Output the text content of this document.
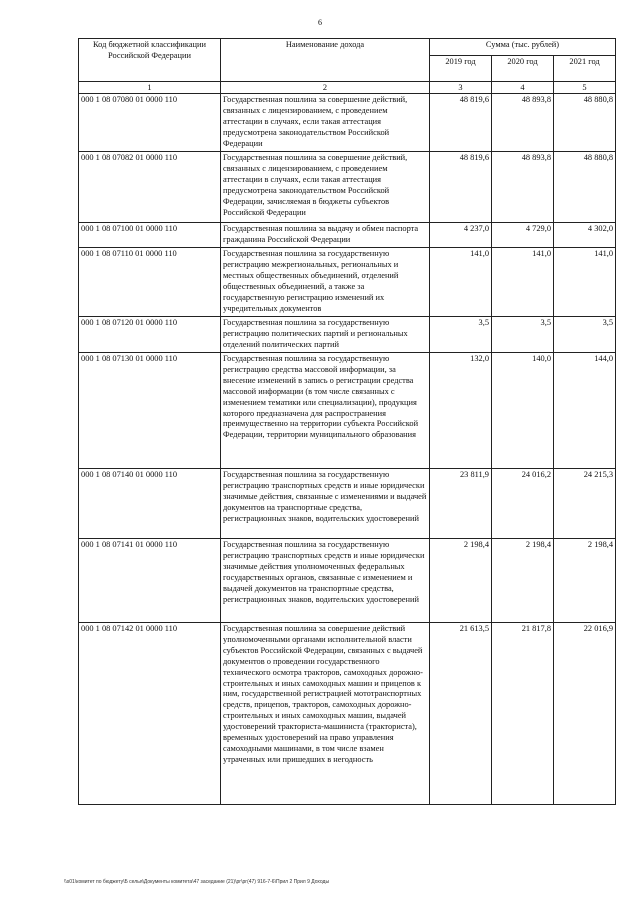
6
Код бюджетной классификации Российской Федерации	Наименование дохода	Сумма (тыс. рублей)		
		2019 год	2020 год	2021 год
1	2	3	4	5
000 1 08 07080 01 0000 110	Государственная пошлина за совершение действий, связанных с лицензированием, с проведением аттестации в случаях, если такая аттестация предусмотрена законодательством Российской Федерации	48 819,6	48 893,8	48 880,8
000 1 08 07082 01 0000 110	Государственная пошлина за совершение действий, связанных с лицензированием, с проведением аттестации в случаях, если такая аттестация предусмотрена законодательством Российской Федерации, зачисляемая в бюджеты субъектов Российской Федерации	48 819,6	48 893,8	48 880,8
000 1 08 07100 01 0000 110	Государственная пошлина за выдачу и обмен паспорта гражданина Российской Федерации	4 237,0	4 729,0	4 302,0
000 1 08 07110 01 0000 110	Государственная пошлина за государственную регистрацию межрегиональных, региональных и местных общественных объединений, отделений общественных объединений, а также за государственную регистрацию изменений их учредительных документов	141,0	141,0	141,0
000 1 08 07120 01 0000 110	Государственная пошлина за государственную регистрацию политических партий и региональных отделений политических партий	3,5	3,5	3,5
000 1 08 07130 01 0000 110	Государственная пошлина за государственную регистрацию средства массовой информации, за внесение изменений в запись о регистрации средства массовой информации (в том числе связанных с изменением тематики или специализации), продукция которого предназначена для распространения преимущественно на территории субъекта Российской Федерации, территории муниципального образования	132,0	140,0	144,0
000 1 08 07140 01 0000 110	Государственная пошлина за государственную регистрацию транспортных средств и иные юридически значимые действия, связанные с изменениями и выдачей документов на транспортные средства, регистрационных знаков, водительских удостоверений	23 811,9	24 016,2	24 215,3
000 1 08 07141 01 0000 110	Государственная пошлина за государственную регистрацию транспортных средств и иные юридически значимые действия уполномоченных федеральных государственных органов, связанные с изменением и выдачей документов на транспортные средства, регистрационных знаков, водительских удостоверений	2 198,4	2 198,4	2 198,4
000 1 08 07142 01 0000 110	Государственная пошлина за совершение действий уполномоченными органами исполнительной власти субъектов Российской Федерации, связанных с выдачей документов о проведении государственного технического осмотра тракторов, самоходных дорожно-строительных и иных самоходных машин и прицепов к ним, государственной регистрацией мототранспортных средств, прицепов, тракторов, самоходных дорожно-строительных и иных самоходных машин, выдачей удостоверений тракториста-машиниста (тракториста), временных удостоверений на право управления самоходными машинами, в том числе взамен утраченных или пришедших в негодность	21 613,5	21 817,8	22 016,9
\\s01\комитет по бюджету\Б селья\Документы комитета\47 заседание (21)\рг\рг(47) 916-7-6\Прил 2 Прил 9 Доходы
